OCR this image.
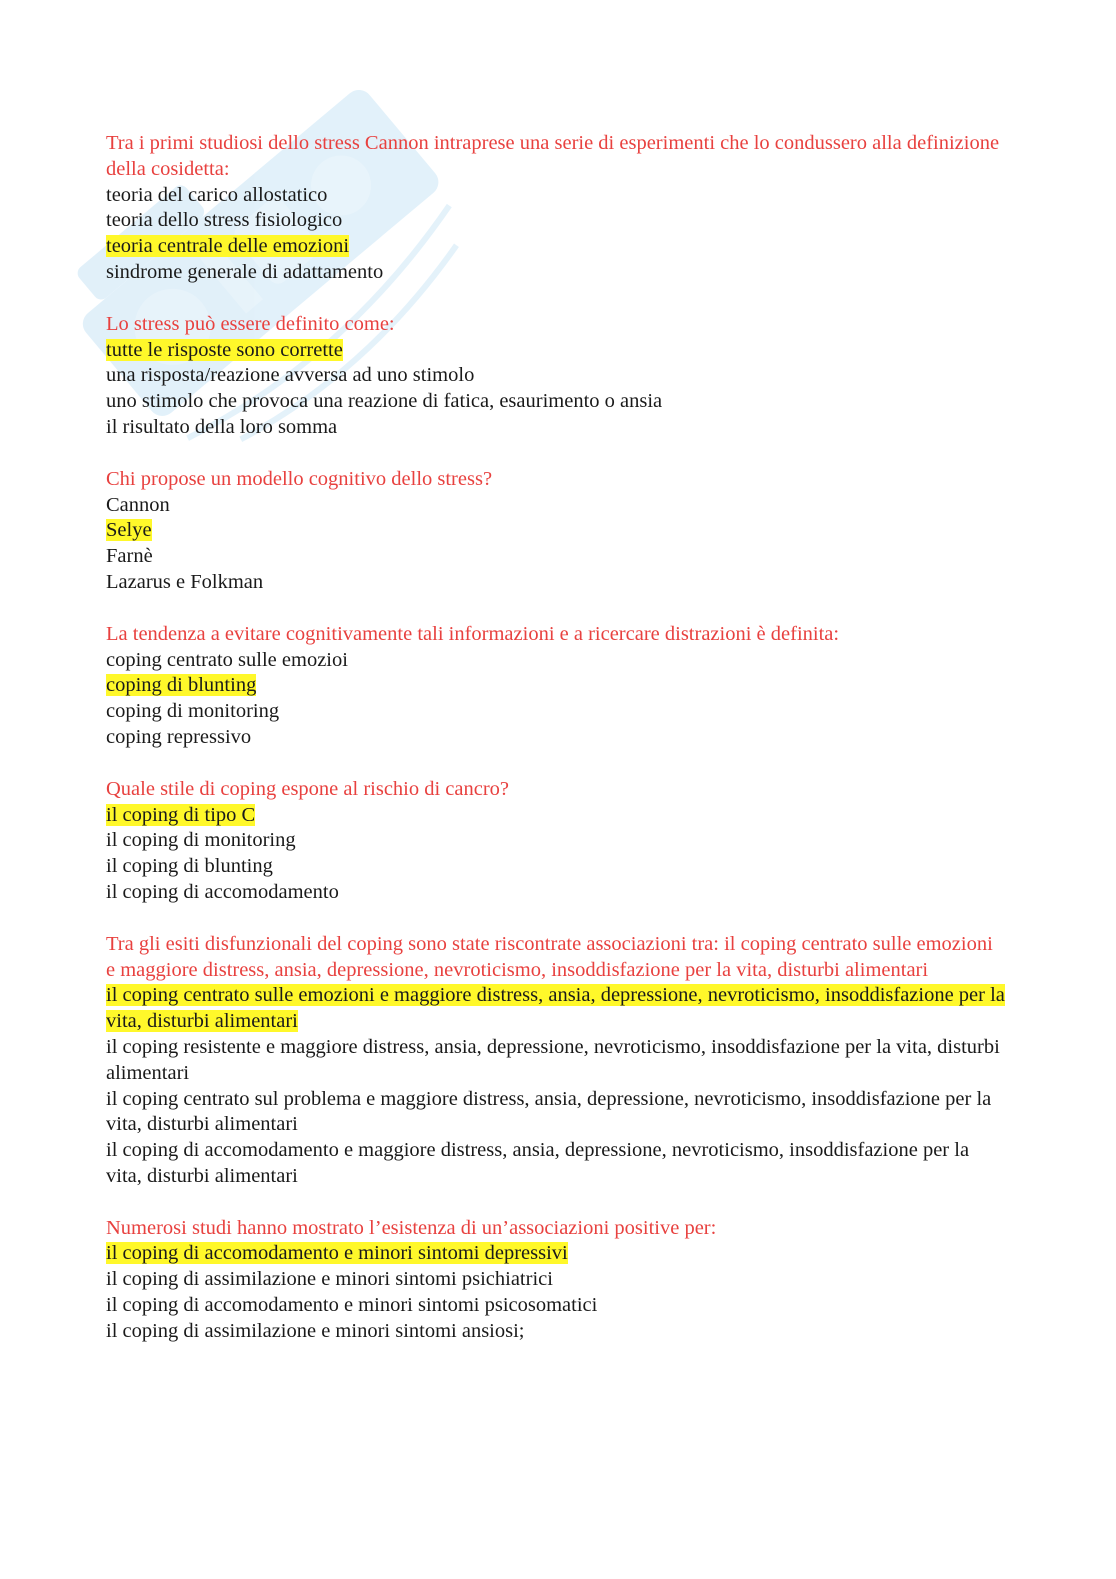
Tra i primi studiosi dello stress Cannon intraprese una serie di esperimenti che lo condussero alla definizione della cosidetta:

teoria del carico allostatico

teoria dello stress fisiologico

teoria centrale delle emozioni

sindrome generale di adattamento

Lo stress può essere definito come:

tutte le risposte sono corrette

una risposta/reazione avversa ad uno stimolo

uno stimolo che provoca una reazione di fatica, esaurimento o ansia

il risultato della loro somma

Chi propose un modello cognitivo dello stress?

Cannon

Selye

Farnè

Lazarus e Folkman

La tendenza a evitare cognitivamente tali informazioni e a ricercare distrazioni è definita:

coping centrato sulle emozioi

coping di blunting

coping di monitoring

coping repressivo

Quale stile di coping espone al rischio di cancro?

il coping di tipo C

il coping di monitoring

il coping di blunting

il coping di accomodamento

Tra gli esiti disfunzionali del coping sono state riscontrate associazioni tra: il coping centrato sulle emozioni e maggiore distress, ansia, depressione, nevroticismo, insoddisfazione per la vita, disturbi alimentari

il coping centrato sulle emozioni e maggiore distress, ansia, depressione, nevroticismo, insoddisfazione per la vita, disturbi alimentari

il coping resistente e maggiore distress, ansia, depressione, nevroticismo, insoddisfazione per la vita, disturbi alimentari

il coping centrato sul problema e maggiore distress, ansia, depressione, nevroticismo, insoddisfazione per la vita, disturbi alimentari

il coping di accomodamento e maggiore distress, ansia, depressione, nevroticismo, insoddisfazione per la vita, disturbi alimentari

Numerosi studi hanno mostrato l’esistenza di un’associazioni positive per:

il coping di accomodamento e minori sintomi depressivi

il coping di assimilazione e minori sintomi psichiatrici

il coping di accomodamento e minori sintomi psicosomatici

il coping di assimilazione e minori sintomi ansiosi;
